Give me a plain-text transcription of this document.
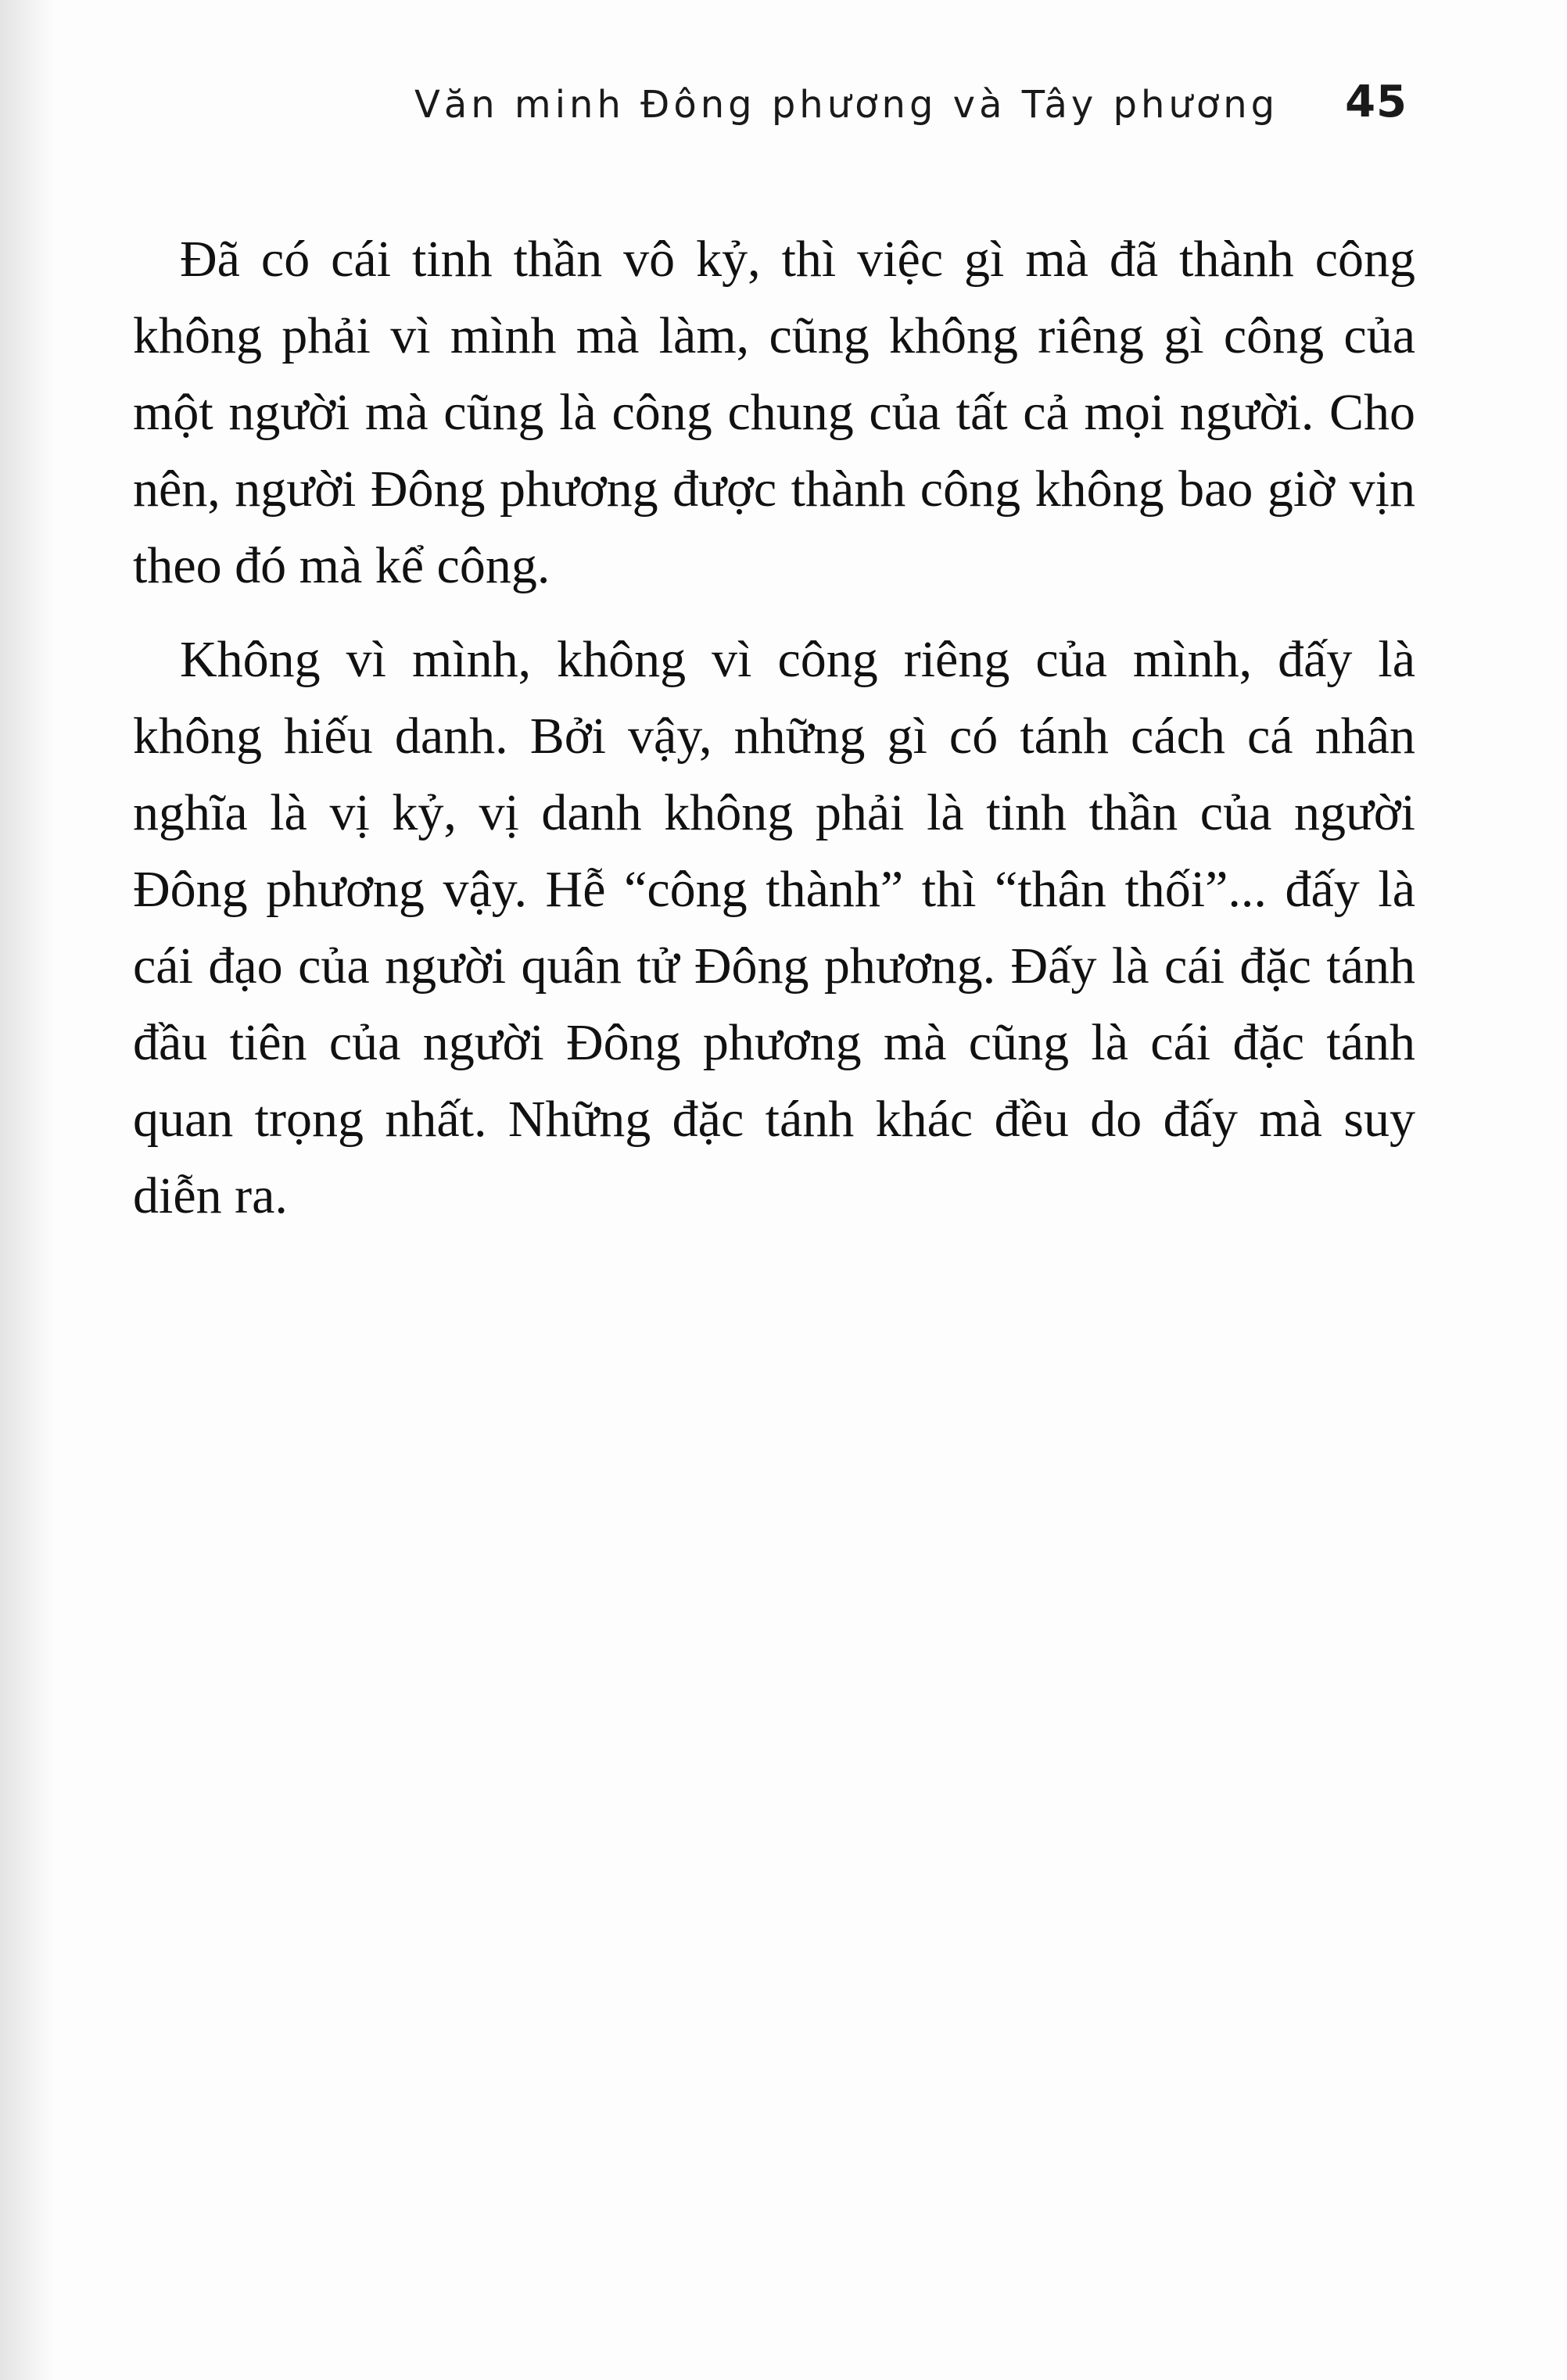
Văn minh Đông phương và Tây phương 45

Đã có cái tinh thần vô kỷ, thì việc gì mà đã thành công không phải vì mình mà làm, cũng không riêng gì công của một người mà cũng là công chung của tất cả mọi người. Cho nên, người Đông phương được thành công không bao giờ vịn theo đó mà kể công.

Không vì mình, không vì công riêng của mình, đấy là không hiếu danh. Bởi vậy, những gì có tánh cách cá nhân nghĩa là vị kỷ, vị danh không phải là tinh thần của người Đông phương vậy. Hễ “công thành” thì “thân thối”... đấy là cái đạo của người quân tử Đông phương. Đấy là cái đặc tánh đầu tiên của người Đông phương mà cũng là cái đặc tánh quan trọng nhất. Những đặc tánh khác đều do đấy mà suy diễn ra.
